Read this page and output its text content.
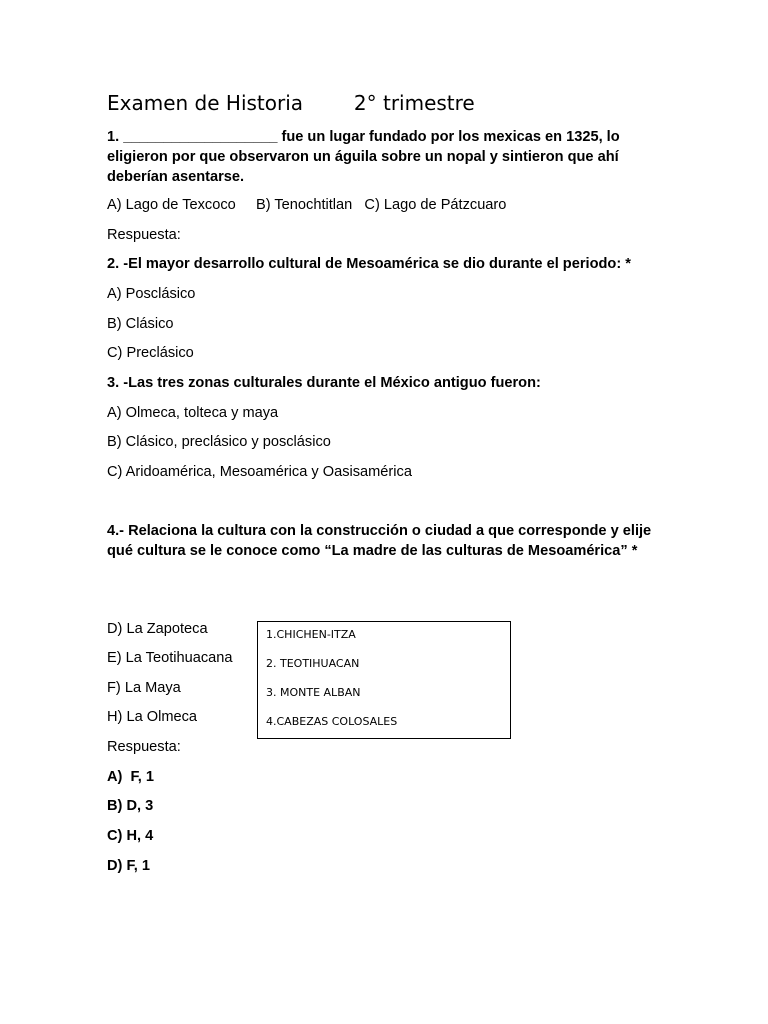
Examen de Historia        2° trimestre
1. ___________________ fue un lugar fundado por los mexicas en 1325, lo eligieron por que observaron un águila sobre un nopal y sintieron que ahí deberían asentarse.
A) Lago de Texcoco     B) Tenochtitlan   C) Lago de Pátzcuaro
Respuesta:
2. -El mayor desarrollo cultural de Mesoamérica se dio durante el periodo: *
A) Posclásico
B) Clásico
C) Preclásico
3. -Las tres zonas culturales durante el México antiguo fueron:
A) Olmeca, tolteca y maya
B) Clásico, preclásico y posclásico
C) Aridoamérica, Mesoamérica y Oasisamérica
4.- Relaciona la cultura con la construcción o ciudad a que corresponde y elije qué cultura se le conoce como “La madre de las culturas de Mesoamérica” *
D) La Zapoteca
E) La Teotihuacana
F) La Maya
H) La Olmeca
Respuesta:
1.CHICHEN-ITZA
2. TEOTIHUACAN
3. MONTE ALBAN
4.CABEZAS COLOSALES
A)  F, 1
B) D, 3
C) H, 4
D) F, 1
